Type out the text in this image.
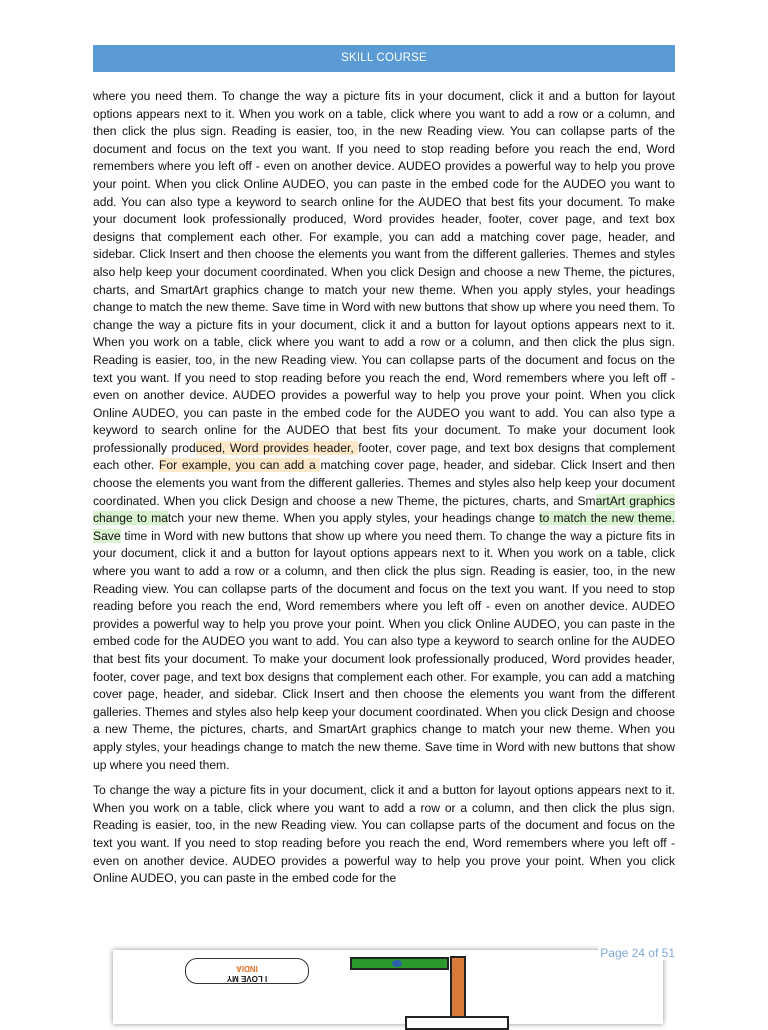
SKILL COURSE

where you need them. To change the way a picture fits in your document, click it and a button for layout options appears next to it. When you work on a table, click where you want to add a row or a column, and then click the plus sign. Reading is easier, too, in the new Reading view. You can collapse parts of the document and focus on the text you want. If you need to stop reading before you reach the end, Word remembers where you left off - even on another device. AUDEO provides a powerful way to help you prove your point. When you click Online AUDEO, you can paste in the embed code for the AUDEO you want to add. You can also type a keyword to search online for the AUDEO that best fits your document. To make your document look professionally produced, Word provides header, footer, cover page, and text box designs that complement each other. For example, you can add a matching cover page, header, and sidebar. Click Insert and then choose the elements you want from the different galleries. Themes and styles also help keep your document coordinated. When you click Design and choose a new Theme, the pictures, charts, and SmartArt graphics change to match your new theme. When you apply styles, your headings change to match the new theme. Save time in Word with new buttons that show up where you need them. To change the way a picture fits in your document, click it and a button for layout options appears next to it. When you work on a table, click where you want to add a row or a column, and then click the plus sign. Reading is easier, too, in the new Reading view. You can collapse parts of the document and focus on the text you want. If you need to stop reading before you reach the end, Word remembers where you left off - even on another device. AUDEO provides a powerful way to help you prove your point. When you click Online AUDEO, you can paste in the embed code for the AUDEO you want to add. You can also type a keyword to search online for the AUDEO that best fits your document. To make your document look professionally produced, Word provides header, footer, cover page, and text box designs that complement each other. For example, you can add a matching cover page, header, and sidebar. Click Insert and then choose the elements you want from the different galleries. Themes and styles also help keep your document coordinated. When you click Design and choose a new Theme, the pictures, charts, and SmartArt graphics change to match your new theme. When you apply styles, your headings change to match the new theme. Save time in Word with new buttons that show up where you need them. To change the way a picture fits in your document, click it and a button for layout options appears next to it. When you work on a table, click where you want to add a row or a column, and then click the plus sign. Reading is easier, too, in the new Reading view. You can collapse parts of the document and focus on the text you want. If you need to stop reading before you reach the end, Word remembers where you left off - even on another device. AUDEO provides a powerful way to help you prove your point. When you click Online AUDEO, you can paste in the embed code for the AUDEO you want to add. You can also type a keyword to search online for the AUDEO that best fits your document. To make your document look professionally produced, Word provides header, footer, cover page, and text box designs that complement each other. For example, you can add a matching cover page, header, and sidebar. Click Insert and then choose the elements you want from the different galleries. Themes and styles also help keep your document coordinated. When you click Design and choose a new Theme, the pictures, charts, and SmartArt graphics change to match your new theme. When you apply styles, your headings change to match the new theme. Save time in Word with new buttons that show up where you need them.

To change the way a picture fits in your document, click it and a button for layout options appears next to it. When you work on a table, click where you want to add a row or a column, and then click the plus sign. Reading is easier, too, in the new Reading view. You can collapse parts of the document and focus on the text you want. If you need to stop reading before you reach the end, Word remembers where you left off - even on another device. AUDEO provides a powerful way to help you prove your point. When you click Online AUDEO, you can paste in the embed code for the

I LOVE MY
INDIA
Page 24 of 51
